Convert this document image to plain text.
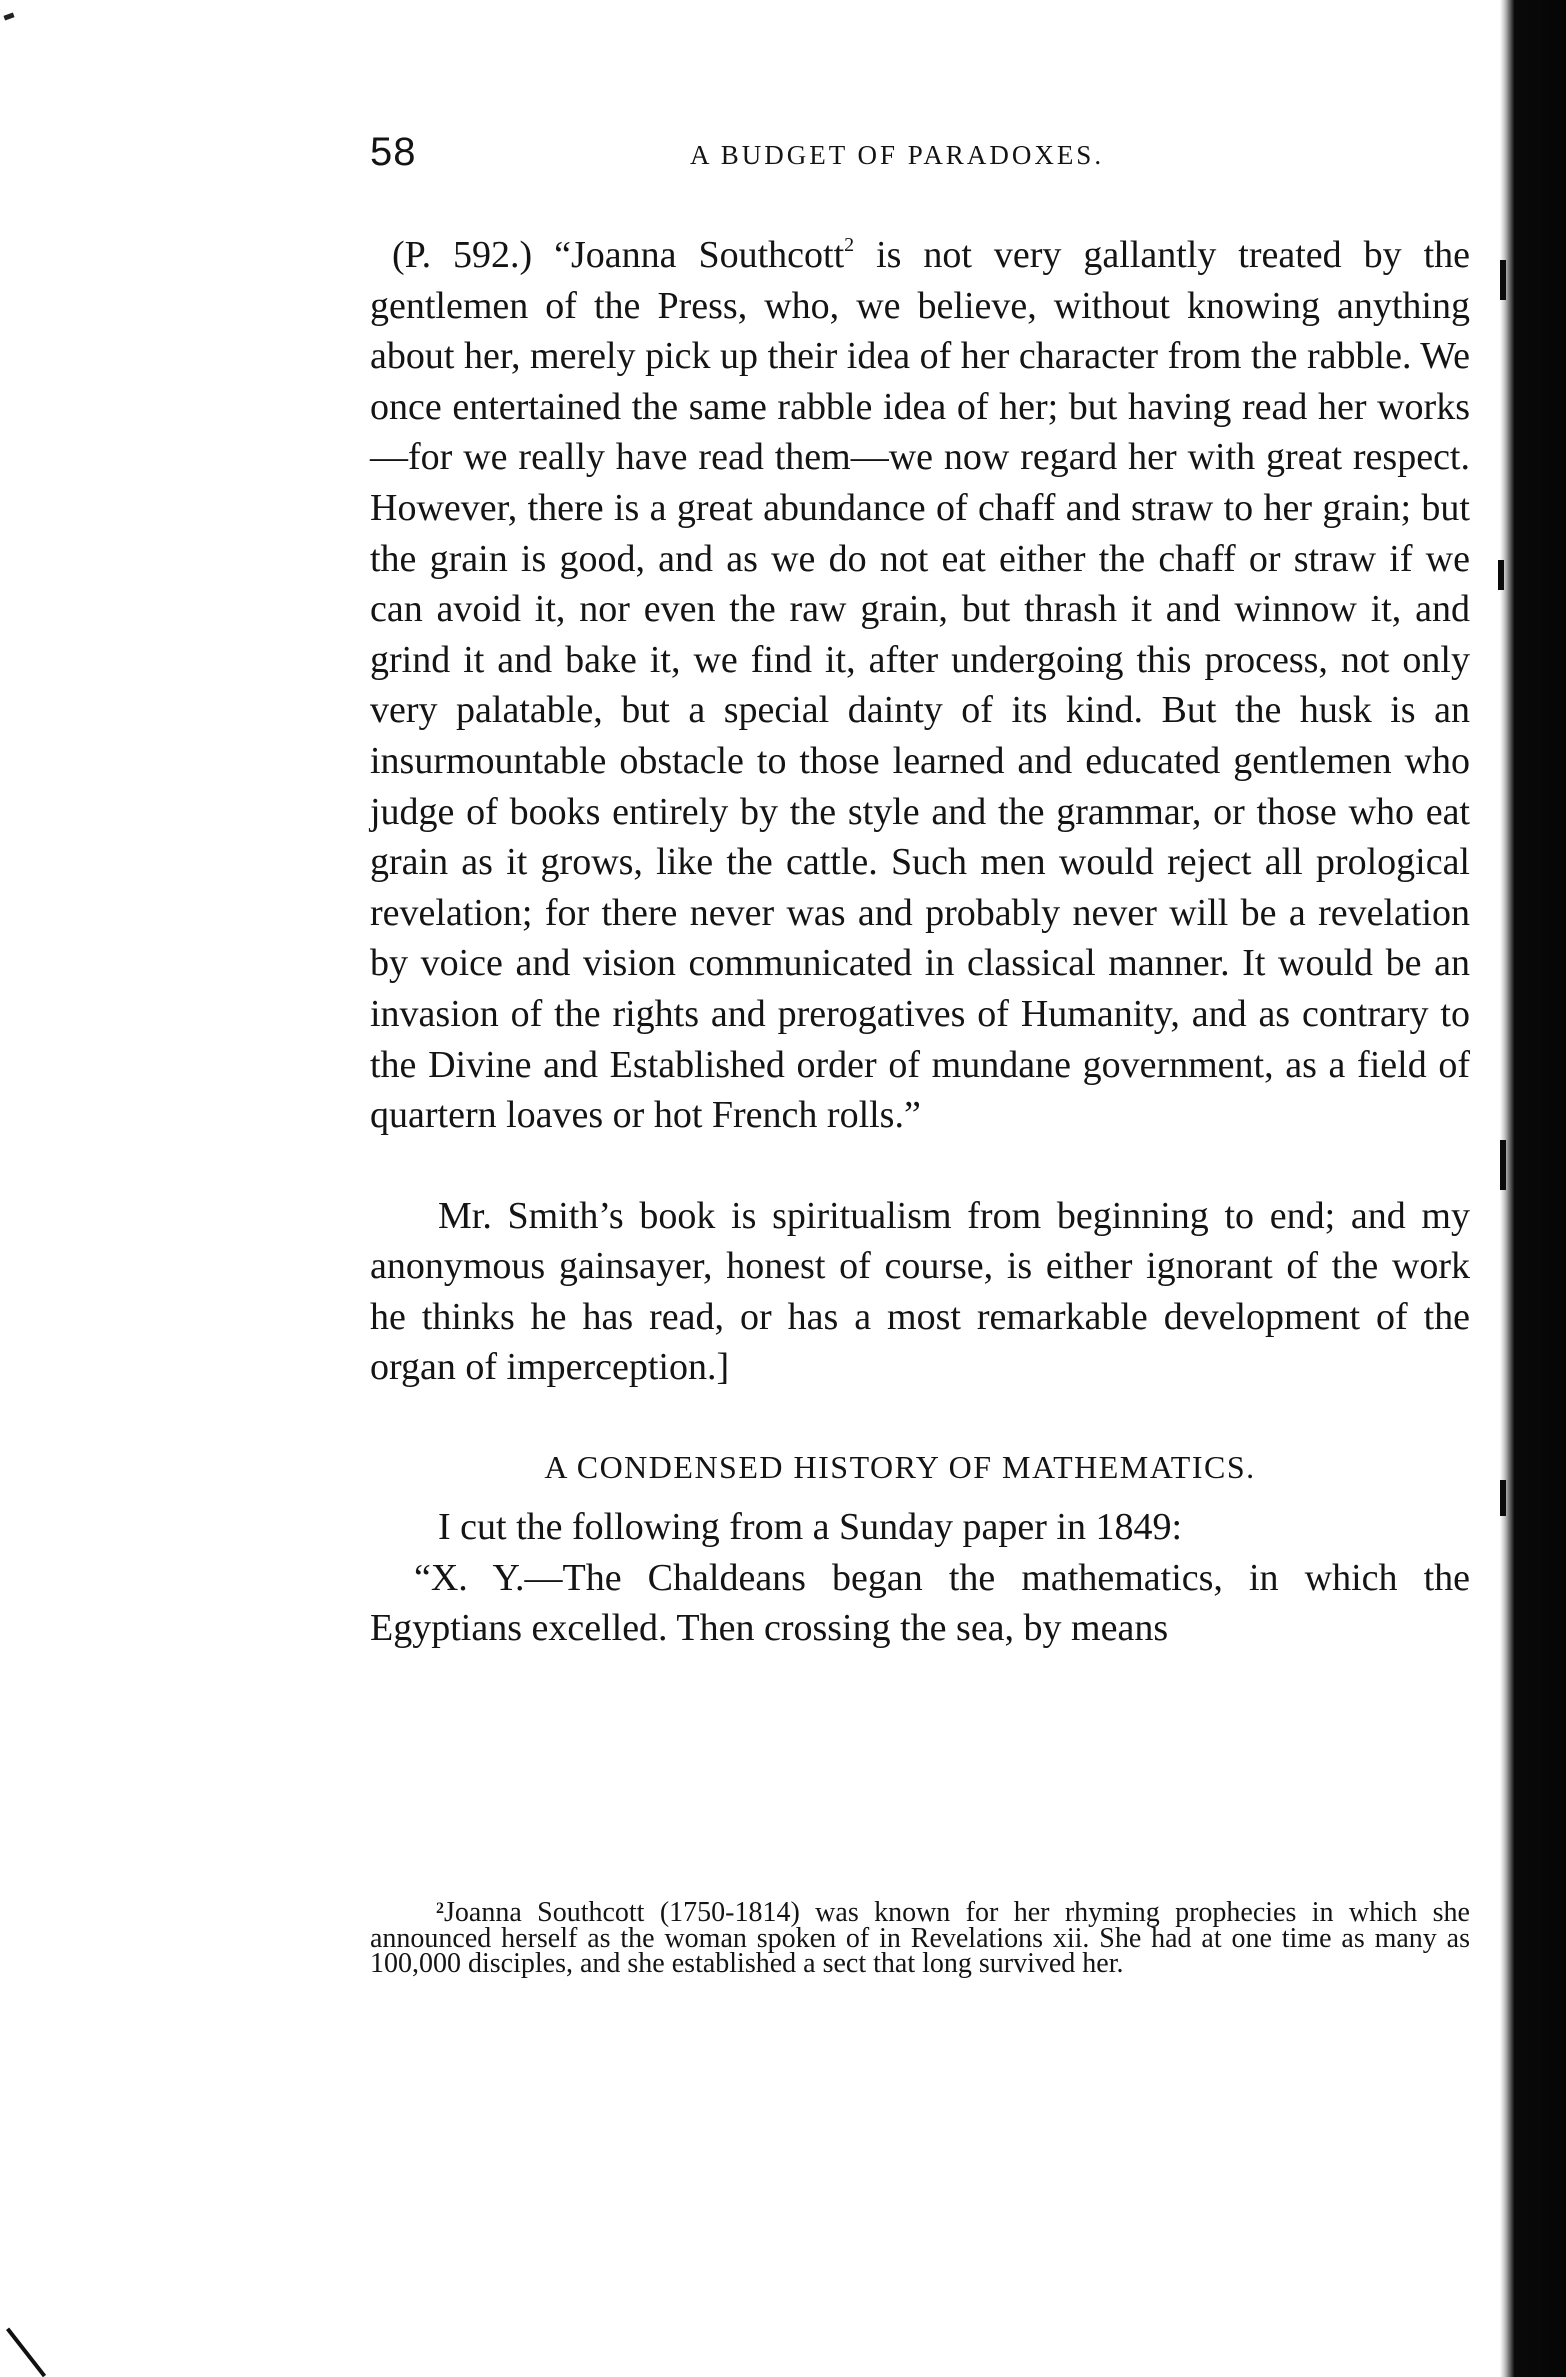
58	A BUDGET OF PARADOXES.

(P. 592.) “Joanna Southcott$^2$ is not very gallantly treated by the gentlemen of the Press, who, we believe, without knowing anything about her, merely pick up their idea of her character from the rabble. We once entertained the same rabble idea of her; but having read her works—for we really have read them—we now regard her with great respect. However, there is a great abundance of chaff and straw to her grain; but the grain is good, and as we do not eat either the chaff or straw if we can avoid it, nor even the raw grain, but thrash it and winnow it, and grind it and bake it, we find it, after undergoing this process, not only very palatable, but a special dainty of its kind. But the husk is an insurmountable obstacle to those learned and educated gentlemen who judge of books entirely by the style and the grammar, or those who eat grain as it grows, like the cattle. Such men would reject all prological revelation; for there never was and probably never will be a revelation by voice and vision communicated in classical manner. It would be an invasion of the rights and prerogatives of Humanity, and as contrary to the Divine and Established order of mundane government, as a field of quartern loaves or hot French rolls.”

Mr. Smith’s book is spiritualism from beginning to end; and my anonymous gainsayer, honest of course, is either ignorant of the work he thinks he has read, or has a most remarkable development of the organ of imperception.]

A CONDENSED HISTORY OF MATHEMATICS.

I cut the following from a Sunday paper in 1849:

“X. Y.—The Chaldeans began the mathematics, in which the Egyptians excelled. Then crossing the sea, by means

$^2$Joanna Southcott (1750-1814) was known for her rhyming prophecies in which she announced herself as the woman spoken of in Revelations xii. She had at one time as many as 100,000 disciples, and she established a sect that long survived her.
